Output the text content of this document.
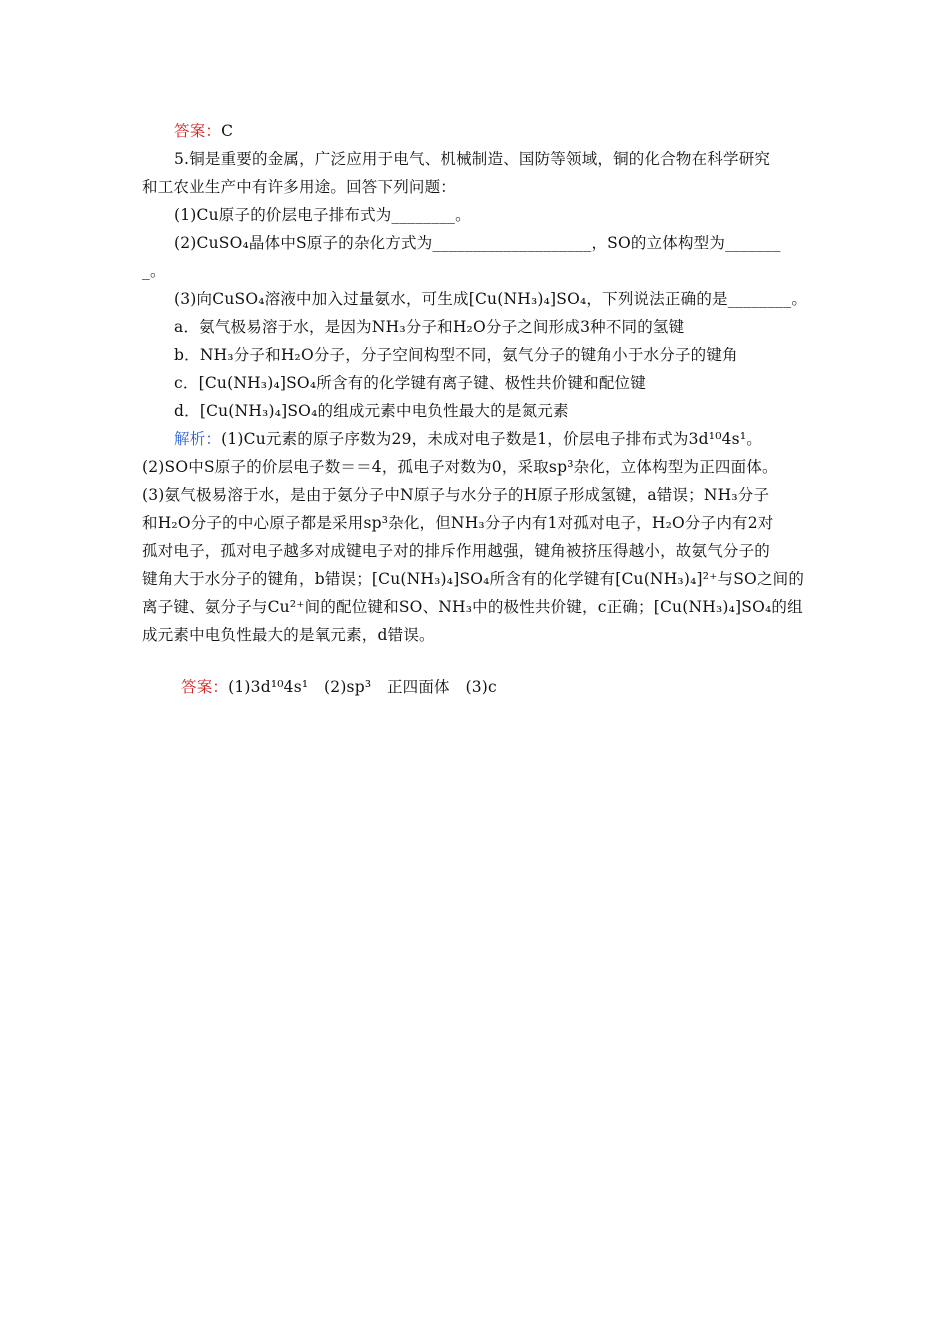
答案：C
5.铜是重要的金属，广泛应用于电气、机械制造、国防等领域，铜的化合物在科学研究
和工农业生产中有许多用途。回答下列问题：
(1)Cu原子的价层电子排布式为________。
(2)CuSO₄晶体中S原子的杂化方式为____________________，SO的立体构型为_______
_。
(3)向CuSO₄溶液中加入过量氨水，可生成[Cu(NH₃)₄]SO₄，下列说法正确的是________。
a．氨气极易溶于水，是因为NH₃分子和H₂O分子之间形成3种不同的氢键
b．NH₃分子和H₂O分子，分子空间构型不同，氨气分子的键角小于水分子的键角
c．[Cu(NH₃)₄]SO₄所含有的化学键有离子键、极性共价键和配位键
d．[Cu(NH₃)₄]SO₄的组成元素中电负性最大的是氮元素
解析：(1)Cu元素的原子序数为29，未成对电子数是1，价层电子排布式为3d¹⁰4s¹。
(2)SO中S原子的价层电子数＝＝4，孤电子对数为0，采取sp³杂化，立体构型为正四面体。
(3)氨气极易溶于水，是由于氨分子中N原子与水分子的H原子形成氢键，a错误；NH₃分子
和H₂O分子的中心原子都是采用sp³杂化，但NH₃分子内有1对孤对电子，H₂O分子内有2对
孤对电子，孤对电子越多对成键电子对的排斥作用越强，键角被挤压得越小，故氨气分子的
键角大于水分子的键角，b错误；[Cu(NH₃)₄]SO₄所含有的化学键有[Cu(NH₃)₄]²⁺与SO之间的
离子键、氨分子与Cu²⁺间的配位键和SO、NH₃中的极性共价键，c正确；[Cu(NH₃)₄]SO₄的组
成元素中电负性最大的是氧元素，d错误。
答案：(1)3d¹⁰4s¹　(2)sp³　正四面体　(3)c
